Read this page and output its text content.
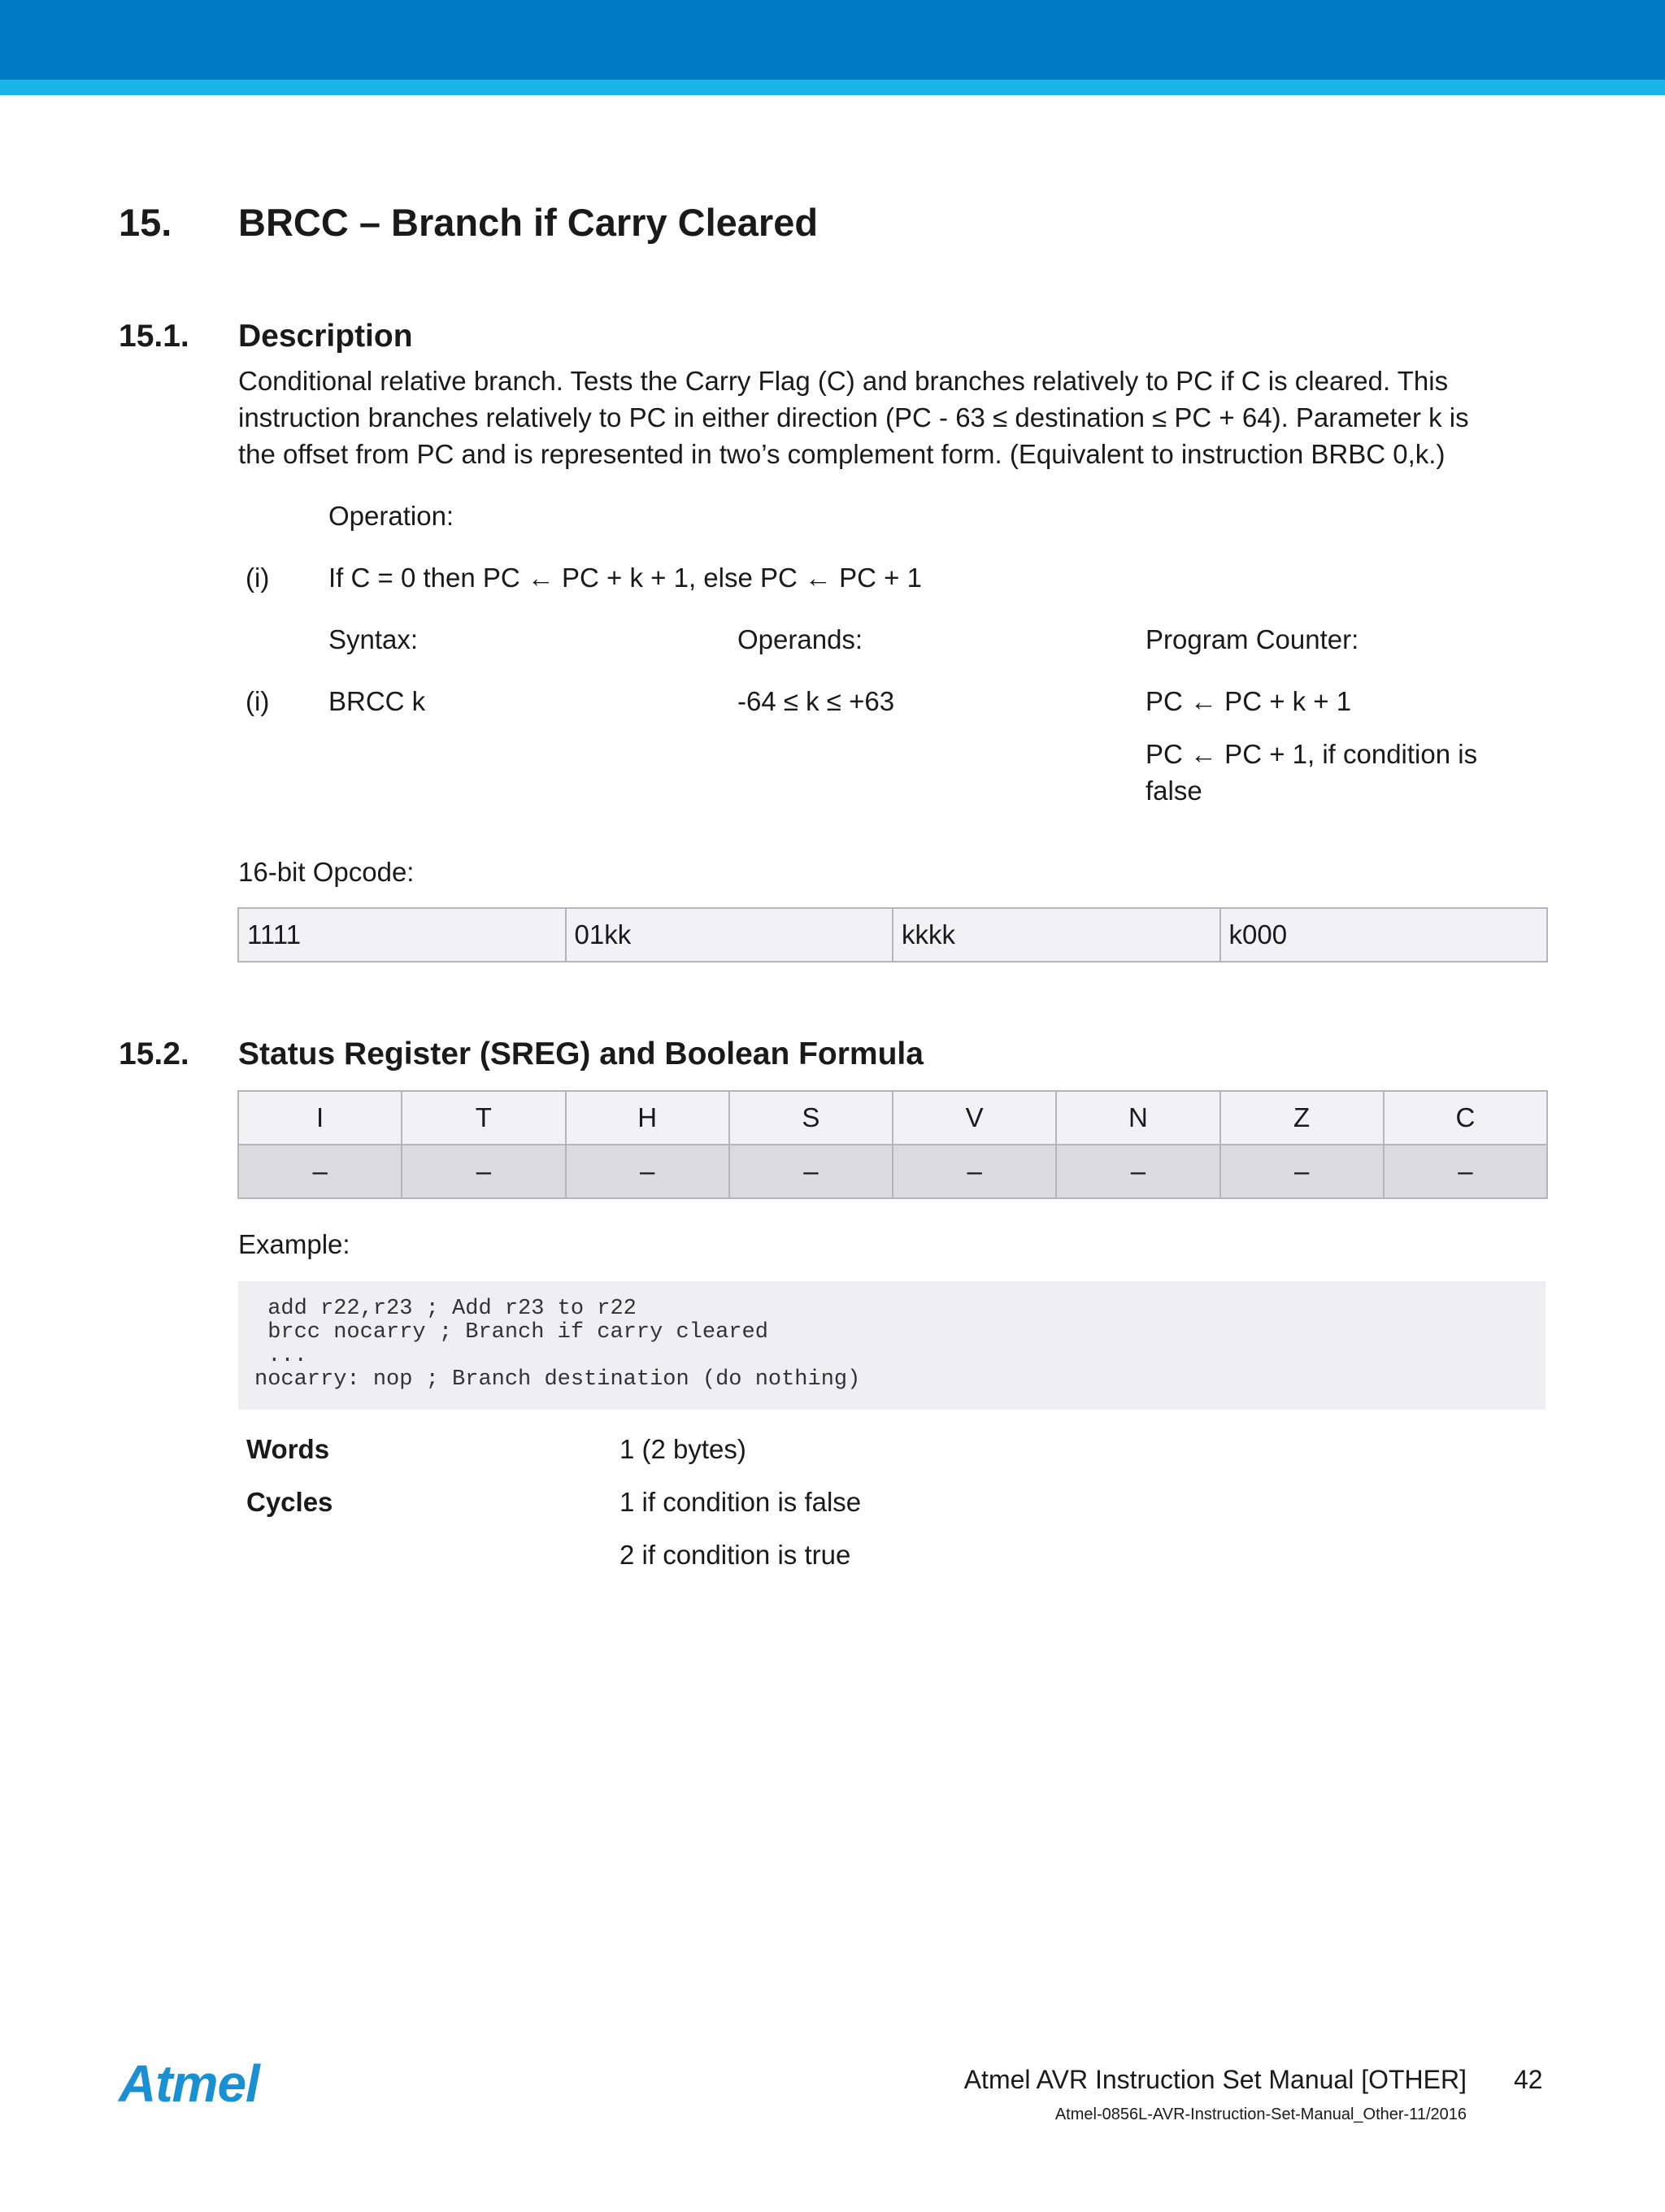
15. BRCC – Branch if Carry Cleared
15.1. Description

Conditional relative branch. Tests the Carry Flag (C) and branches relatively to PC if C is cleared. This

instruction branches relatively to PC in either direction (PC - 63 ≤ destination ≤ PC + 64). Parameter k is

the offset from PC and is represented in two’s complement form. (Equivalent to instruction BRBC 0,k.)

Operation:
(i) If C = 0 then PC ← PC + k + 1, else PC ← PC + 1
Syntax:	Operands:	Program Counter:
(i) BRCC k	-64 ≤ k ≤ +63	PC ← PC + k + 1
PC ← PC + 1, if condition is
false
16-bit Opcode:
1111	01kk	kkkk	k000
15.2. Status Register (SREG) and Boolean Formula
I	T	H	S	V	N	Z	C
–	–	–	–	–	–	–	–
Example:
add r22,r23 ; Add r23 to r22
brcc nocarry ; Branch if carry cleared
...
nocarry: nop ; Branch destination (do nothing)
Words	1 (2 bytes)
Cycles	1 if condition is false
2 if condition is true
Atmel	Atmel AVR Instruction Set Manual [OTHER] 42
Atmel-0856L-AVR-Instruction-Set-Manual_Other-11/2016
